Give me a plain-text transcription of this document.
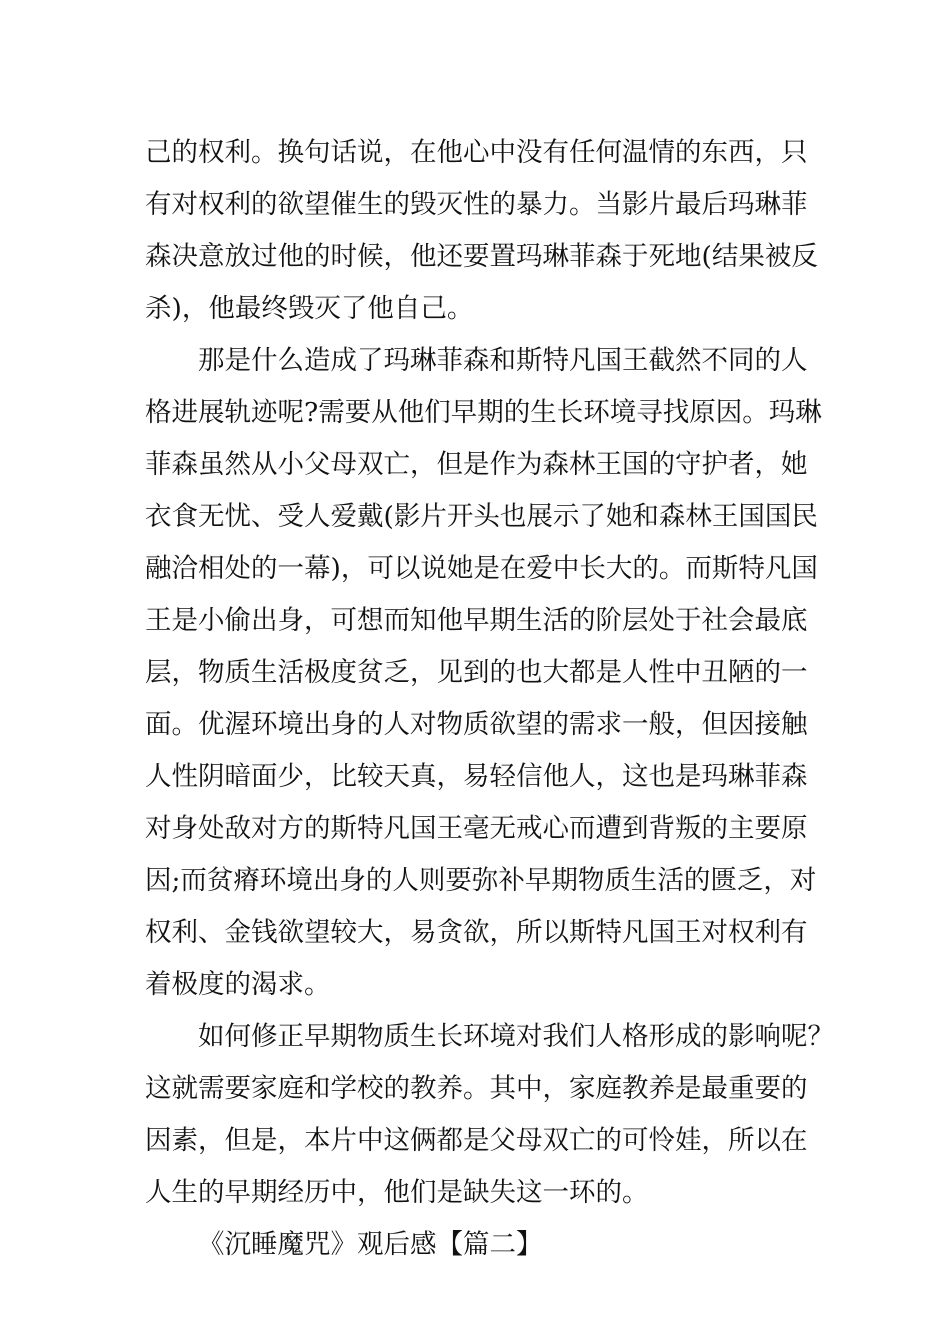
己的权利。换句话说，在他心中没有任何温情的东西，只
有对权利的欲望催生的毁灭性的暴力。当影片最后玛琳菲
森决意放过他的时候，他还要置玛琳菲森于死地(结果被反
杀)，他最终毁灭了他自己。
那是什么造成了玛琳菲森和斯特凡国王截然不同的人
格进展轨迹呢?需要从他们早期的生长环境寻找原因。玛琳
菲森虽然从小父母双亡，但是作为森林王国的守护者，她
衣食无忧、受人爱戴(影片开头也展示了她和森林王国国民
融洽相处的一幕)，可以说她是在爱中长大的。而斯特凡国
王是小偷出身，可想而知他早期生活的阶层处于社会最底
层，物质生活极度贫乏，见到的也大都是人性中丑陋的一
面。优渥环境出身的人对物质欲望的需求一般，但因接触
人性阴暗面少，比较天真，易轻信他人，这也是玛琳菲森
对身处敌对方的斯特凡国王毫无戒心而遭到背叛的主要原
因;而贫瘠环境出身的人则要弥补早期物质生活的匮乏，对
权利、金钱欲望较大，易贪欲，所以斯特凡国王对权利有
着极度的渴求。
如何修正早期物质生长环境对我们人格形成的影响呢？
这就需要家庭和学校的教养。其中，家庭教养是最重要的
因素，但是，本片中这俩都是父母双亡的可怜娃，所以在
人生的早期经历中，他们是缺失这一环的。
《沉睡魔咒》观后感【篇二】
